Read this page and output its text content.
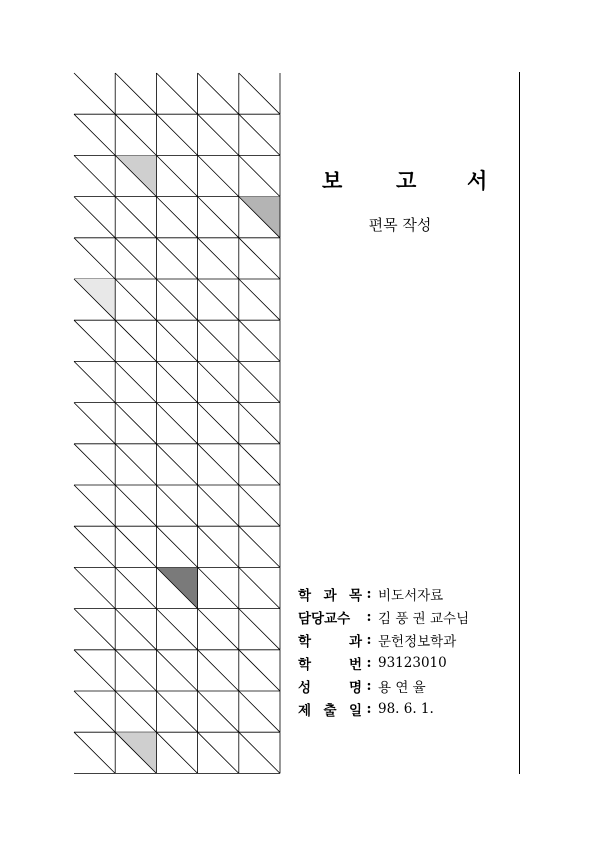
보	고 서
편목 작성
학 과 목 : 비도서자료
담당교수	: 김 풍 권 교수님
학	과 : 문헌정보학과
학	번 : 93123010
성	명 : 용 연 율
제 출 일 : 98. 6. 1.
